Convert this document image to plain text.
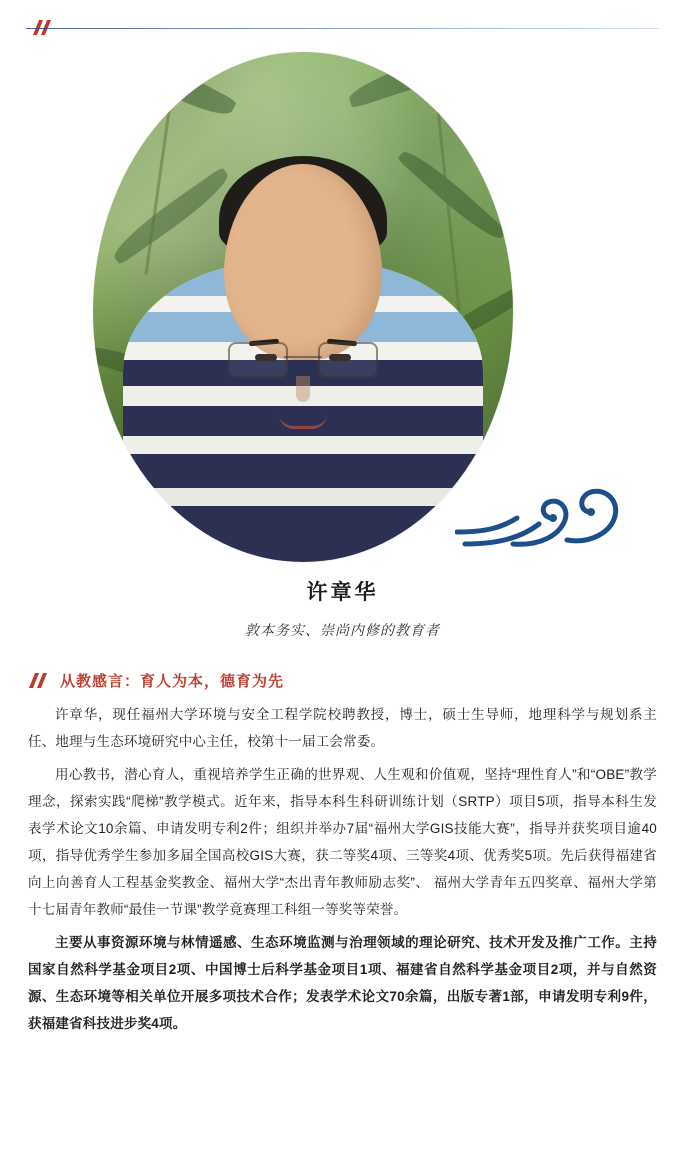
许章华
敦本务实、崇尚内修的教育者
从教感言：育人为本，德育为先

许章华，现任福州大学环境与安全工程学院校聘教授，博士，硕士生导师，地理科学与规划系主任、地理与生态环境研究中心主任，校第十一届工会常委。

用心教书，潜心育人，重视培养学生正确的世界观、人生观和价值观，坚持“理性育人”和“OBE”教学理念，探索实践“爬梯”教学模式。近年来，指导本科生科研训练计划（SRTP）项目5项，指导本科生发表学术论文10余篇、申请发明专利2件；组织并举办7届“福州大学GIS技能大赛”，指导并获奖项目逾40项，指导优秀学生参加多届全国高校GIS大赛，获二等奖4项、三等奖4项、优秀奖5项。先后获得福建省向上向善育人工程基金奖教金、福州大学“杰出青年教师励志奖”、 福州大学青年五四奖章、福州大学第十七届青年教师“最佳一节课”教学竟赛理工科组一等奖等荣誉。

主要从事资源环境与林情遥感、生态环境监测与治理领域的理论研究、技术开发及推广工作。主持国家自然科学基金项目2项、中国博士后科学基金项目1项、福建省自然科学基金项目2项，并与自然资源、生态环境等相关单位开展多项技术合作；发表学术论文70余篇，出版专著1部，申请发明专利9件，获福建省科技进步奖4项。
